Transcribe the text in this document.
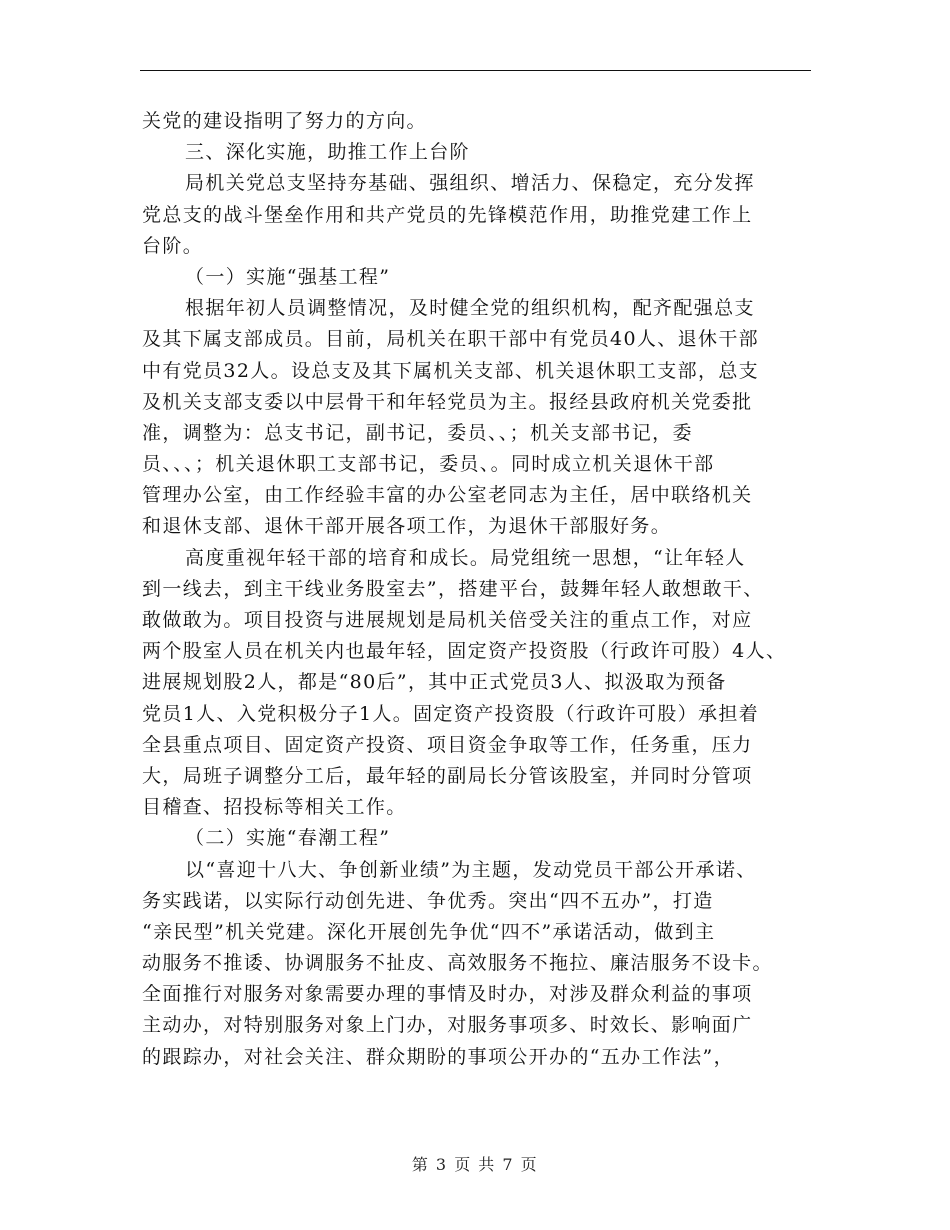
关党的建设指明了努力的方向。
三、深化实施，助推工作上台阶
局机关党总支坚持夯基础、强组织、增活力、保稳定，充分发挥
党总支的战斗堡垒作用和共产党员的先锋模范作用，助推党建工作上
台阶。
（一）实施“强基工程”
根据年初人员调整情况，及时健全党的组织机构，配齐配强总支
及其下属支部成员。目前，局机关在职干部中有党员40人、退休干部
中有党员32人。设总支及其下属机关支部、机关退休职工支部，总支
及机关支部支委以中层骨干和年轻党员为主。报经县政府机关党委批
准，调整为：总支书记，副书记，委员、、；机关支部书记，委
员、、、；机关退休职工支部书记，委员、。同时成立机关退休干部
管理办公室，由工作经验丰富的办公室老同志为主任，居中联络机关
和退休支部、退休干部开展各项工作，为退休干部服好务。
高度重视年轻干部的培育和成长。局党组统一思想，“让年轻人
到一线去，到主干线业务股室去”，搭建平台，鼓舞年轻人敢想敢干、
敢做敢为。项目投资与进展规划是局机关倍受关注的重点工作，对应
两个股室人员在机关内也最年轻，固定资产投资股（行政许可股）4人、
进展规划股2人，都是“80后”，其中正式党员3人、拟汲取为预备
党员1人、入党积极分子1人。固定资产投资股（行政许可股）承担着
全县重点项目、固定资产投资、项目资金争取等工作，任务重，压力
大，局班子调整分工后，最年轻的副局长分管该股室，并同时分管项
目稽查、招投标等相关工作。
（二）实施“春潮工程”
以“喜迎十八大、争创新业绩”为主题，发动党员干部公开承诺、
务实践诺，以实际行动创先进、争优秀。突出“四不五办”，打造
“亲民型”机关党建。深化开展创先争优“四不”承诺活动，做到主
动服务不推诿、协调服务不扯皮、高效服务不拖拉、廉洁服务不设卡。
全面推行对服务对象需要办理的事情及时办，对涉及群众利益的事项
主动办，对特别服务对象上门办，对服务事项多、时效长、影响面广
的跟踪办，对社会关注、群众期盼的事项公开办的“五办工作法”，
第 3 页 共 7 页
